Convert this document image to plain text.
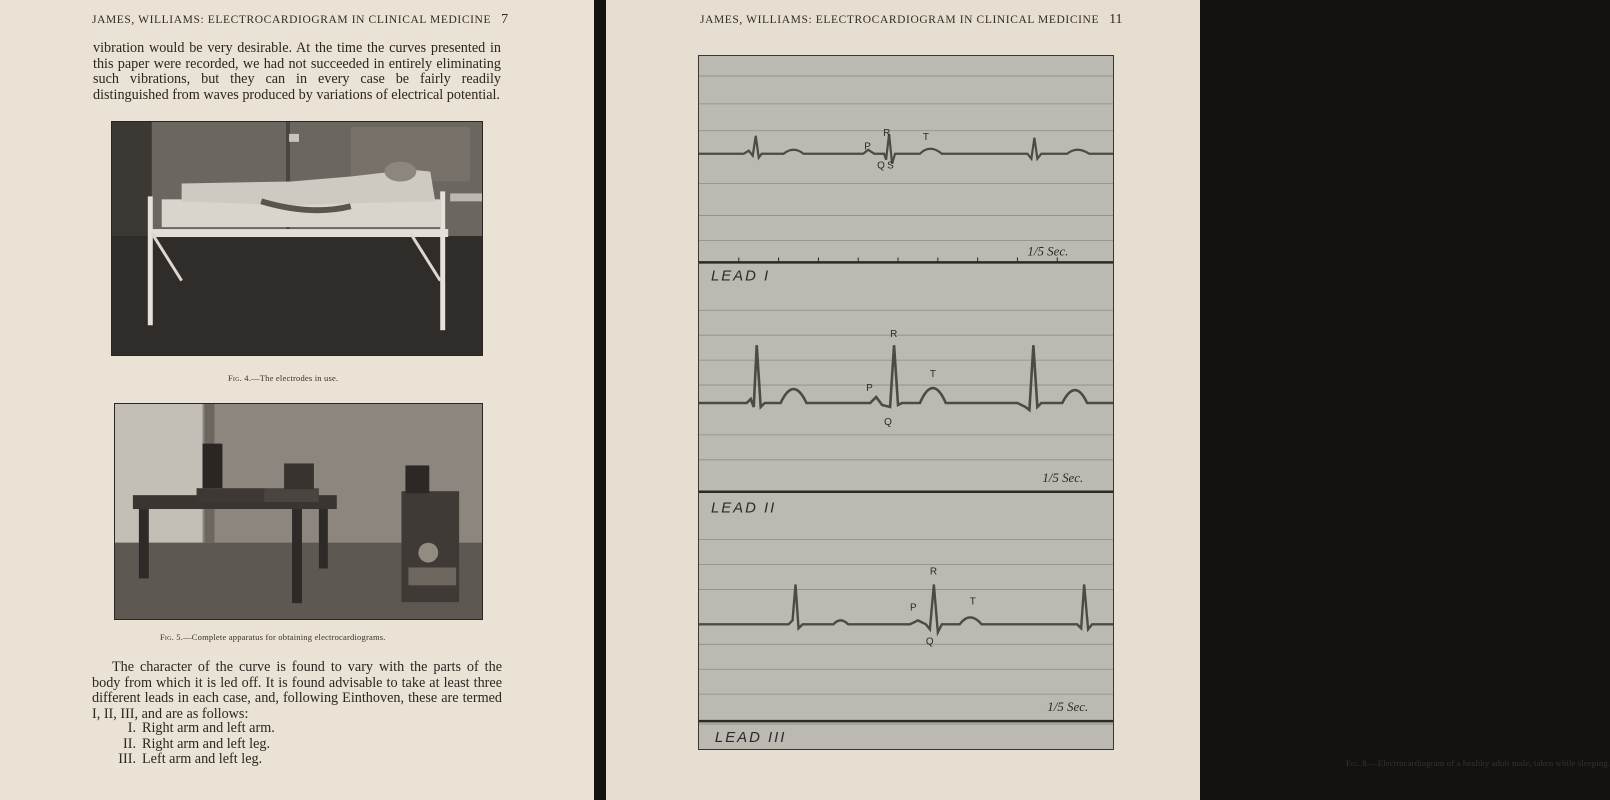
JAMES, WILLIAMS: ELECTROCARDIOGRAM IN CLINICAL MEDICINE 7
vibration would be very desirable. At the time the curves presented in this paper were recorded, we had not succeeded in entirely eliminating such vibrations, but they can in every case be fairly readily distinguished from waves produced by variations of electrical potential.
Fig. 4.—The electrodes in use.
Fig. 5.—Complete apparatus for obtaining electrocardiograms.
The character of the curve is found to vary with the parts of the body from which it is led off. It is found advisable to take at least three different leads in each case, and, following Einthoven, these are termed I, II, III, and are as follows:
I. Right arm and left arm.
II. Right arm and left leg.
III. Left arm and left leg.
JAMES, WILLIAMS: ELECTROCARDIOGRAM IN CLINICAL MEDICINE 11
Fig. 8.—Electrocardiogram of a healthy adult male, taken while sleeping.
P
R	T
Q S
1/5 Sec.
LEAD I
R
P
T
Q
1/5 Sec.
LEAD II
R
P
T
Q
1/5 Sec.
LEAD III
